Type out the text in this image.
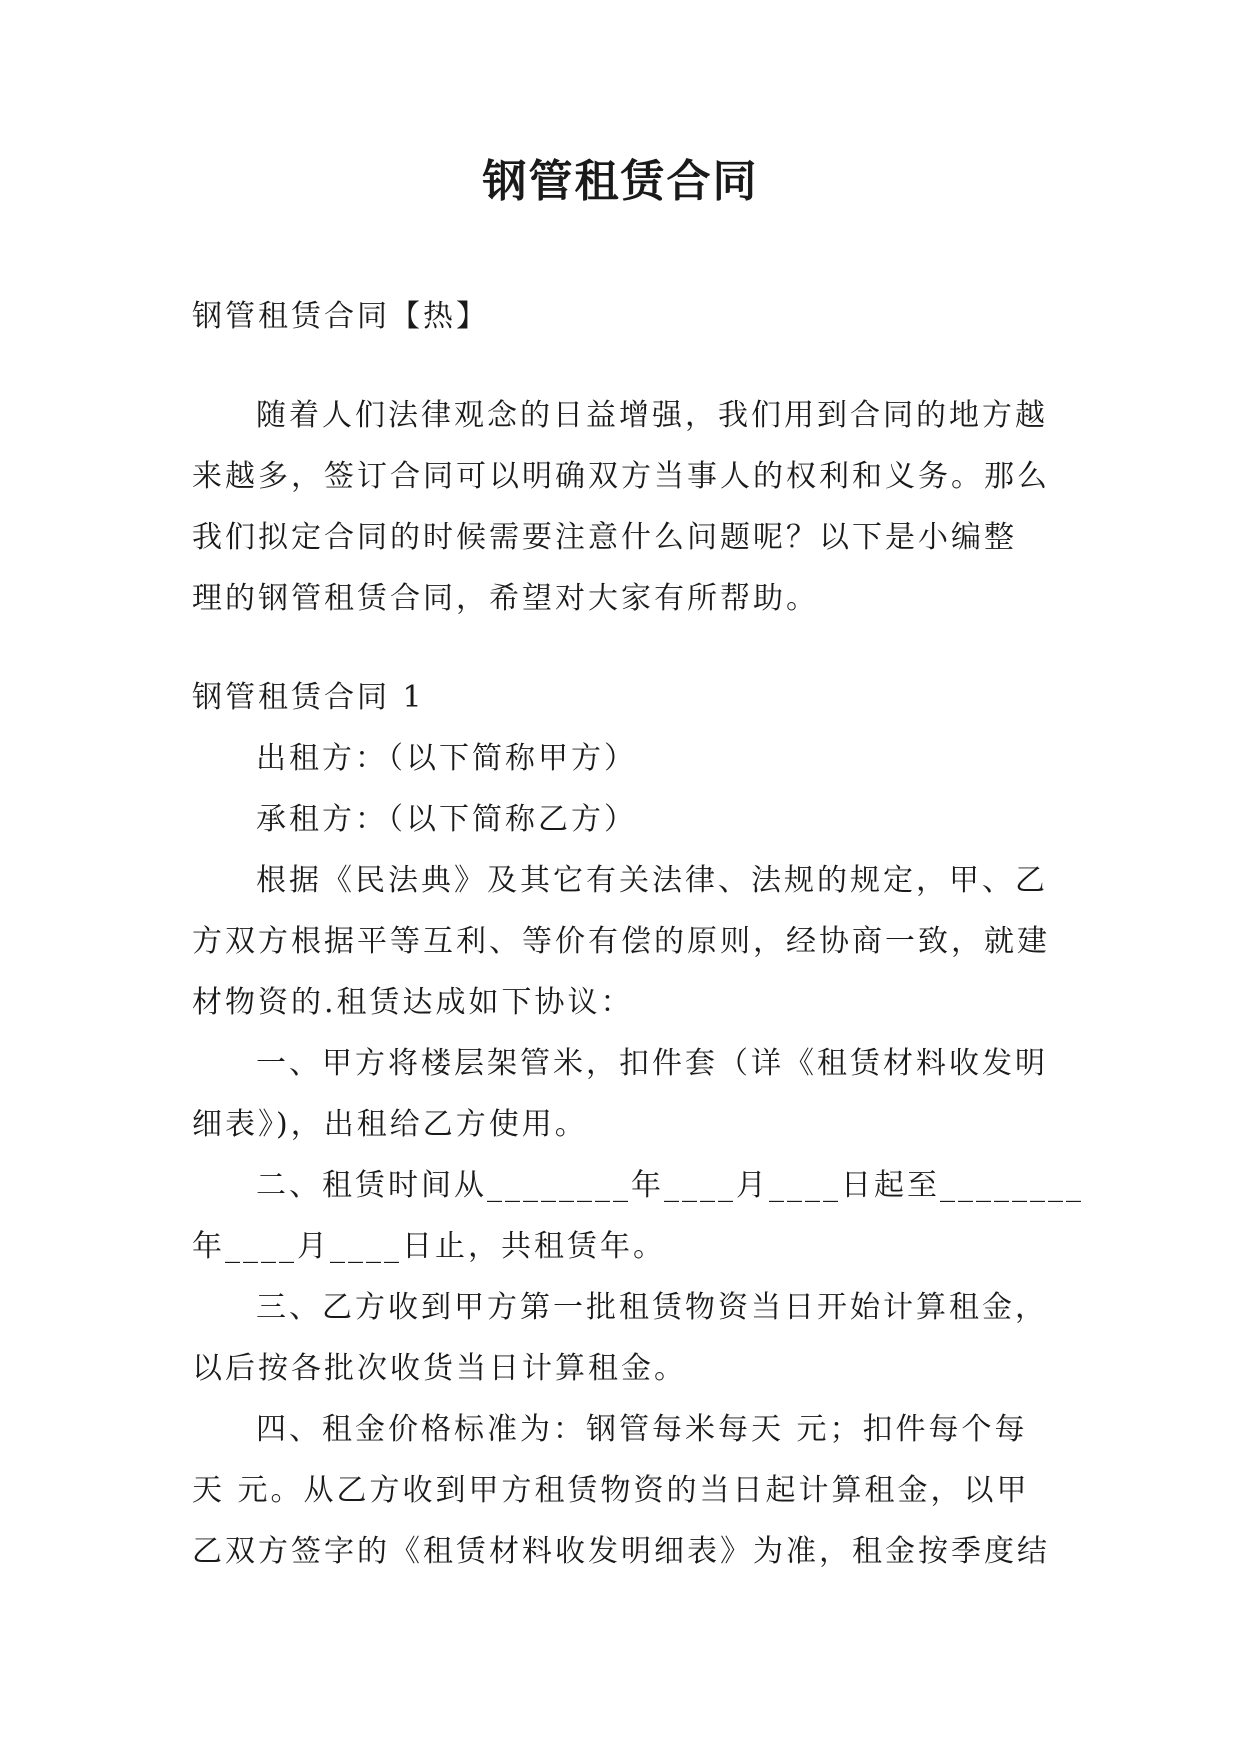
钢管租赁合同
钢管租赁合同【热】
随着人们法律观念的日益增强，我们用到合同的地方越
来越多，签订合同可以明确双方当事人的权利和义务。那么
我们拟定合同的时候需要注意什么问题呢？以下是小编整
理的钢管租赁合同，希望对大家有所帮助。
钢管租赁合同 1
出租方：（以下简称甲方）
承租方：（以下简称乙方）
根据《民法典》及其它有关法律、法规的规定，甲、乙
方双方根据平等互利、等价有偿的原则，经协商一致，就建
材物资的.租赁达成如下协议：
一、甲方将楼层架管米，扣件套（详《租赁材料收发明
细表》)，出租给乙方使用。
二、租赁时间从________年____月____日起至________
年____月____日止，共租赁年。
三、乙方收到甲方第一批租赁物资当日开始计算租金，
以后按各批次收货当日计算租金。
四、租金价格标准为：钢管每米每天 元；扣件每个每
天 元。从乙方收到甲方租赁物资的当日起计算租金，以甲
乙双方签字的《租赁材料收发明细表》为准，租金按季度结
